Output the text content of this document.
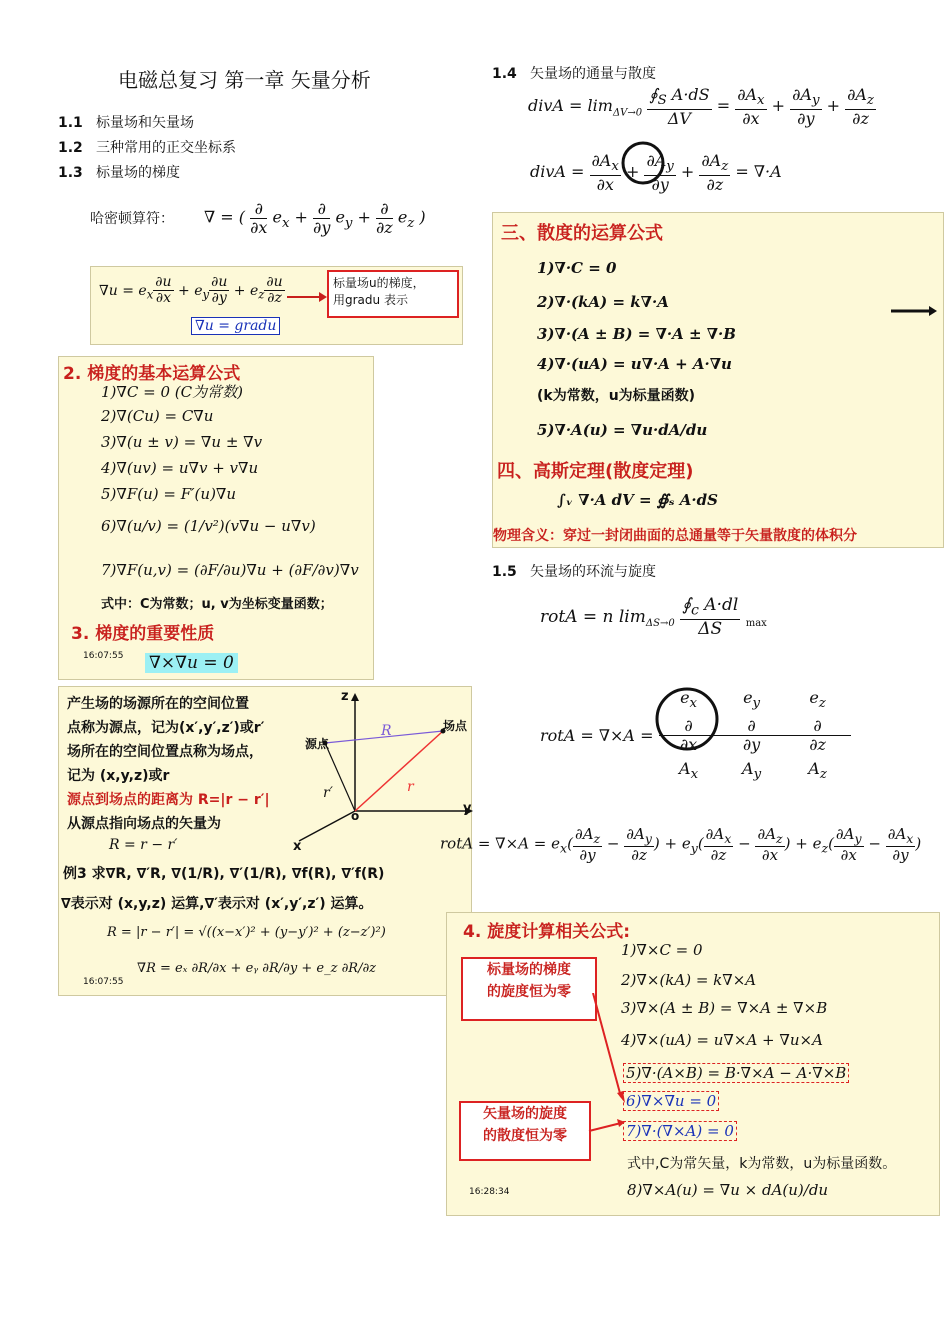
电磁总复习 第一章 矢量分析
1.1 标量场和矢量场
1.2 三种常用的正交坐标系
1.3 标量场的梯度
哈密顿算符： ∇ = ( $\frac{\partial}{\partial x} e_x + \frac{\partial}{\partial y} e_y + \frac{\partial}{\partial z} e_z$ )
$\nabla u = e_x \frac{\partial u}{\partial x} + e_y \frac{\partial u}{\partial y} + e_z \frac{\partial u}{\partial z}$	标量场u的梯度，
用gradu 表示
∇u = gradu
2. 梯度的基本运算公式
1)∇C = 0 (C为常数)
2)∇(Cu) = C∇u
3)∇(u ± v) = ∇u ± ∇v
4)∇(uv) = u∇v + v∇u
5)∇F(u) = F′(u)∇u
6)∇(u/v) = (1/v²)(v∇u − u∇v)
7)∇F(u,v) = (∂F/∂u)∇u + (∂F/∂v)∇v
式中：C为常数；u, v为坐标变量函数；
3. 梯度的重要性质
16:07:55 ∇×∇u = 0
产生场的场源所在的空间位置
点称为源点，记为(x′,y′,z′)或r′
场所在的空间位置点称为场点，
记为 (x,y,z)或r
源点到场点的距离为 R=|r − r′|
从源点指向场点的矢量为
R = r − r′
例3 求∇R, ∇′R, ∇(1/R), ∇′(1/R), ∇f(R), ∇′f(R)
∇表示对 (x,y,z) 运算,∇′表示对 (x′,y′,z′) 运算。
R = |r − r′| = √((x−x′)² + (y−y′)² + (z−z′)²)
16:07:55
∇R = eₓ ∂R/∂x + eᵧ ∂R/∂y + e_z ∂R/∂z
z
y
x
o
源点
场点
R
r′	r
1.4 矢量场的通量与散度
divA = $\lim_{\Delta V\to 0} \frac{∮_S A\cdot dS}{\Delta V} = \frac{\partial A_x}{\partial x} + \frac{\partial A_y}{\partial y} + \frac{\partial A_z}{\partial z}$
divA = $\frac{\partial A_x}{\partial x} + \frac{\partial A_y}{\partial y} + \frac{\partial A_z}{\partial z} = \nabla\cdot A$
三、散度的运算公式
1)∇·C = 0
2)∇·(kA) = k∇·A
3)∇·(A ± B) = ∇·A ± ∇·B
4)∇·(uA) = u∇·A + A·∇u
(k为常数，u为标量函数)
5)∇·A(u) = ∇u·dA/du
四、高斯定理(散度定理)
∫ᵥ ∇·A dV = ∯ₛ A·dS
物理含义：穿过一封闭曲面的总通量等于矢量散度的体积分
1.5 矢量场的环流与旋度
rotA = n $\lim_{\Delta S\to 0} \frac{∮_c A\cdot dl}{\Delta S} _{max}$
rotA = ∇×A =
$e_x$	$e_y$	$e_z$
$\frac{\partial}{\partial x} \frac{\partial}{\partial y} \frac{\partial}{\partial z}$
$A_x$	$A_y$	$A_z$
rotA = $\nabla\times A = e_x( \frac{\partial A_z}{\partial y} - \frac{\partial A_y}{\partial z}$ ) + $e_y( \frac{\partial A_x}{\partial z} - \frac{\partial A_z}{\partial x}$ ) + $e_z( \frac{\partial A_y}{\partial x} - \frac{\partial A_x}{\partial y}$ )
4. 旋度计算相关公式:
1)∇×C = 0
2)∇×(kA) = k∇×A
3)∇×(A ± B) = ∇×A ± ∇×B
4)∇×(uA) = u∇×A + ∇u×A
5)∇·(A×B) = B·∇×A − A·∇×B
6)∇×∇u = 0
7)∇·(∇×A) = 0
式中,C为常矢量，k为常数，u为标量函数。
8)∇×A(u) = ∇u × dA(u)/du
标量场的梯度
的旋度恒为零
矢量场的旋度
的散度恒为零
16:28:34
